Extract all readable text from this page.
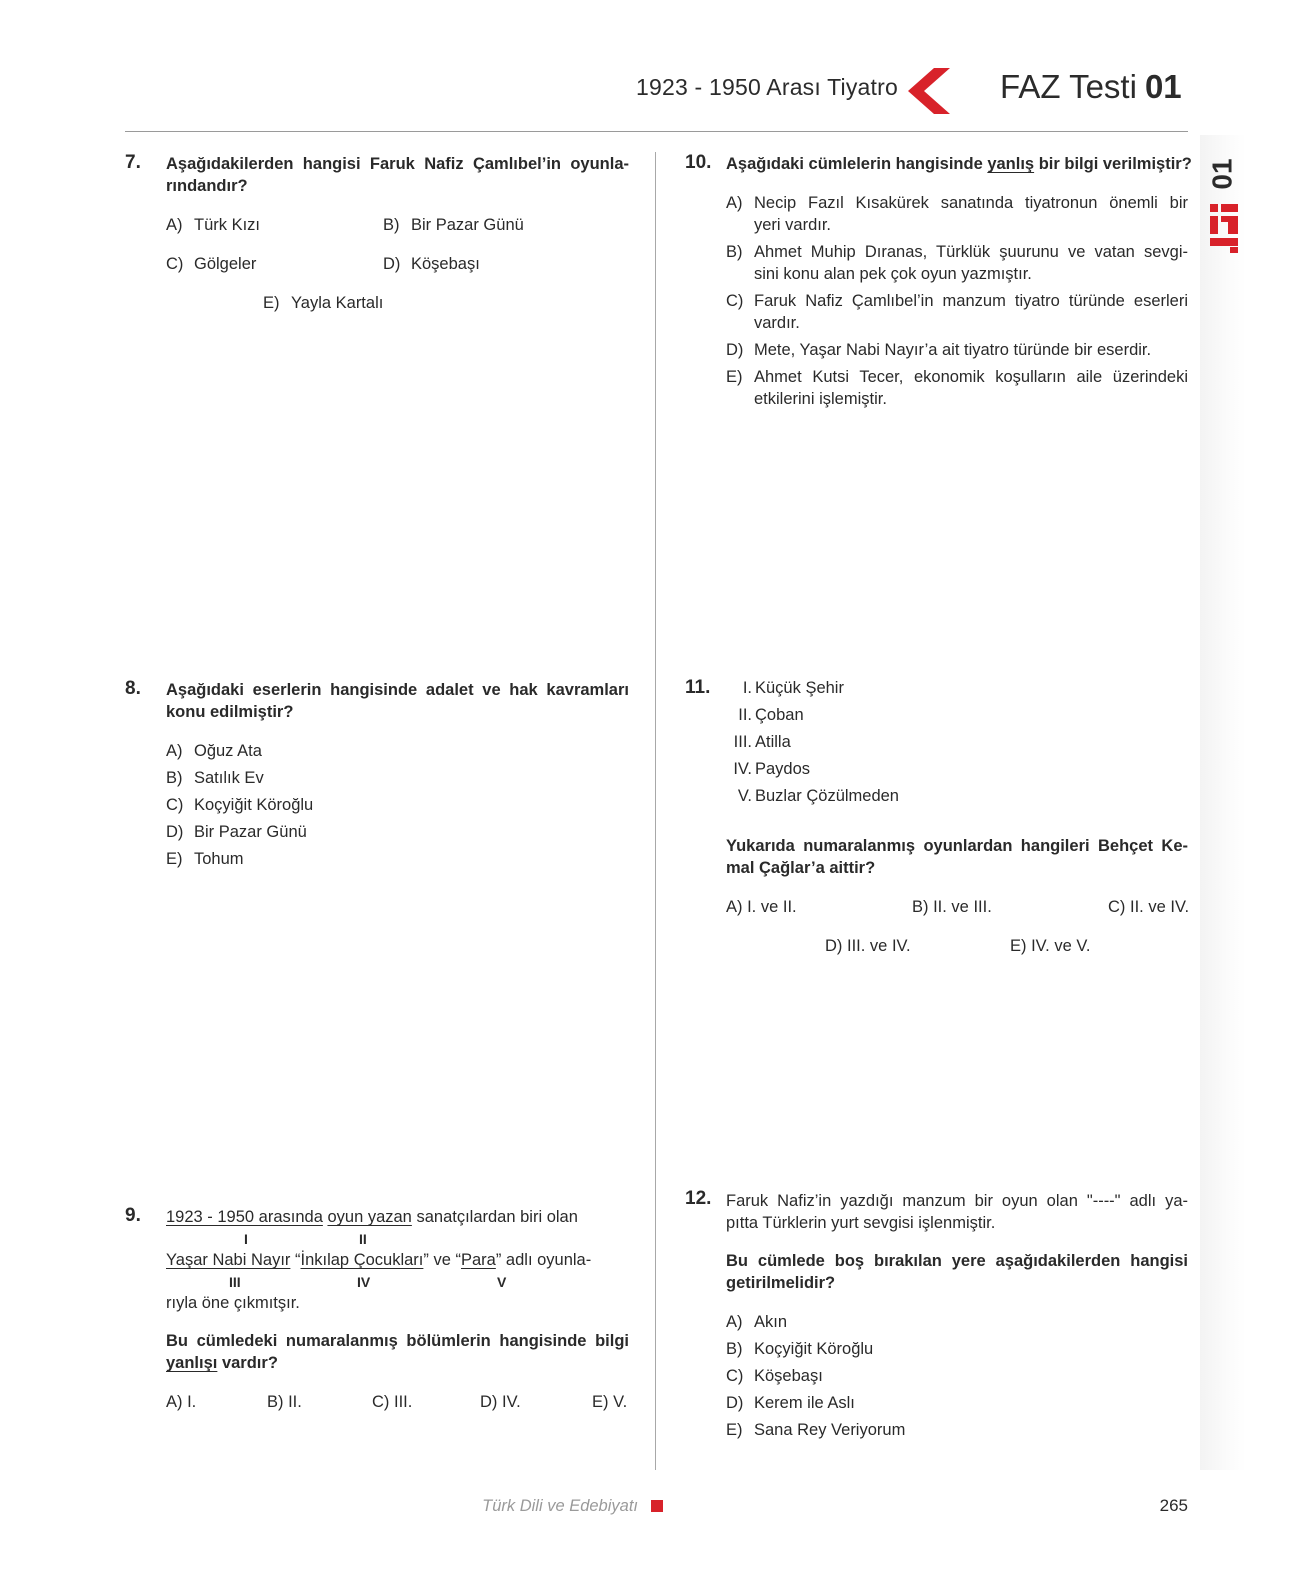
1923 - 1950 Arası Tiyatro	FAZ Testi 01
01
7. Aşağıdakilerden hangisi Faruk Nafiz Çamlıbel’in oyunla-
rındandır?
A) Türk Kızı	B) Bir Pazar Günü
C) Gölgeler	D) Köşebaşı
E) Yayla Kartalı
8. Aşağıdaki eserlerin hangisinde adalet ve hak kavramları
konu edilmiştir?
A) Oğuz Ata
B) Satılık Ev
C) Koçyiğit Köroğlu
D) Bir Pazar Günü
E) Tohum
9. 1923 - 1950 arasında oyun yazan sanatçılardan biri olan
I	II
Yaşar Nabi Nayır “İnkılap Çocukları” ve “Para” adlı oyunla-
III	IV	V
rıyla öne çıkmıtşır.
Bu cümledeki numaralanmış bölümlerin hangisinde bilgi
yanlışı vardır?
A) I.	B) II.	C) III.	D) IV.	E) V.
10. Aşağıdaki cümlelerin hangisinde yanlış bir bilgi verilmiştir?
A) Necip Fazıl Kısakürek sanatında tiyatronun önemli bir
yeri vardır.
B) Ahmet Muhip Dıranas, Türklük şuurunu ve vatan sevgi-
sini konu alan pek çok oyun yazmıştır.
C) Faruk Nafiz Çamlıbel’in manzum tiyatro türünde eserleri
vardır.
D) Mete, Yaşar Nabi Nayır’a ait tiyatro türünde bir eserdir.
E) Ahmet Kutsi Tecer, ekonomik koşulların aile üzerindeki
etkilerini işlemiştir.
11.	I. Küçük Şehir
II. Çoban
III. Atilla
IV. Paydos
V. Buzlar Çözülmeden
Yukarıda numaralanmış oyunlardan hangileri Behçet Ke-
mal Çağlar’a aittir?
A) I. ve II.	B) II. ve III.	C) II. ve IV.
D) III. ve IV.	E) IV. ve V.
12. Faruk Nafiz’in yazdığı manzum bir oyun olan "----" adlı ya-
pıtta Türklerin yurt sevgisi işlenmiştir.
Bu cümlede boş bırakılan yere aşağıdakilerden hangisi
getirilmelidir?
A) Akın
B) Koçyiğit Köroğlu
C) Köşebaşı
D) Kerem ile Aslı
E) Sana Rey Veriyorum
Türk Dili ve Edebiyatı	265
